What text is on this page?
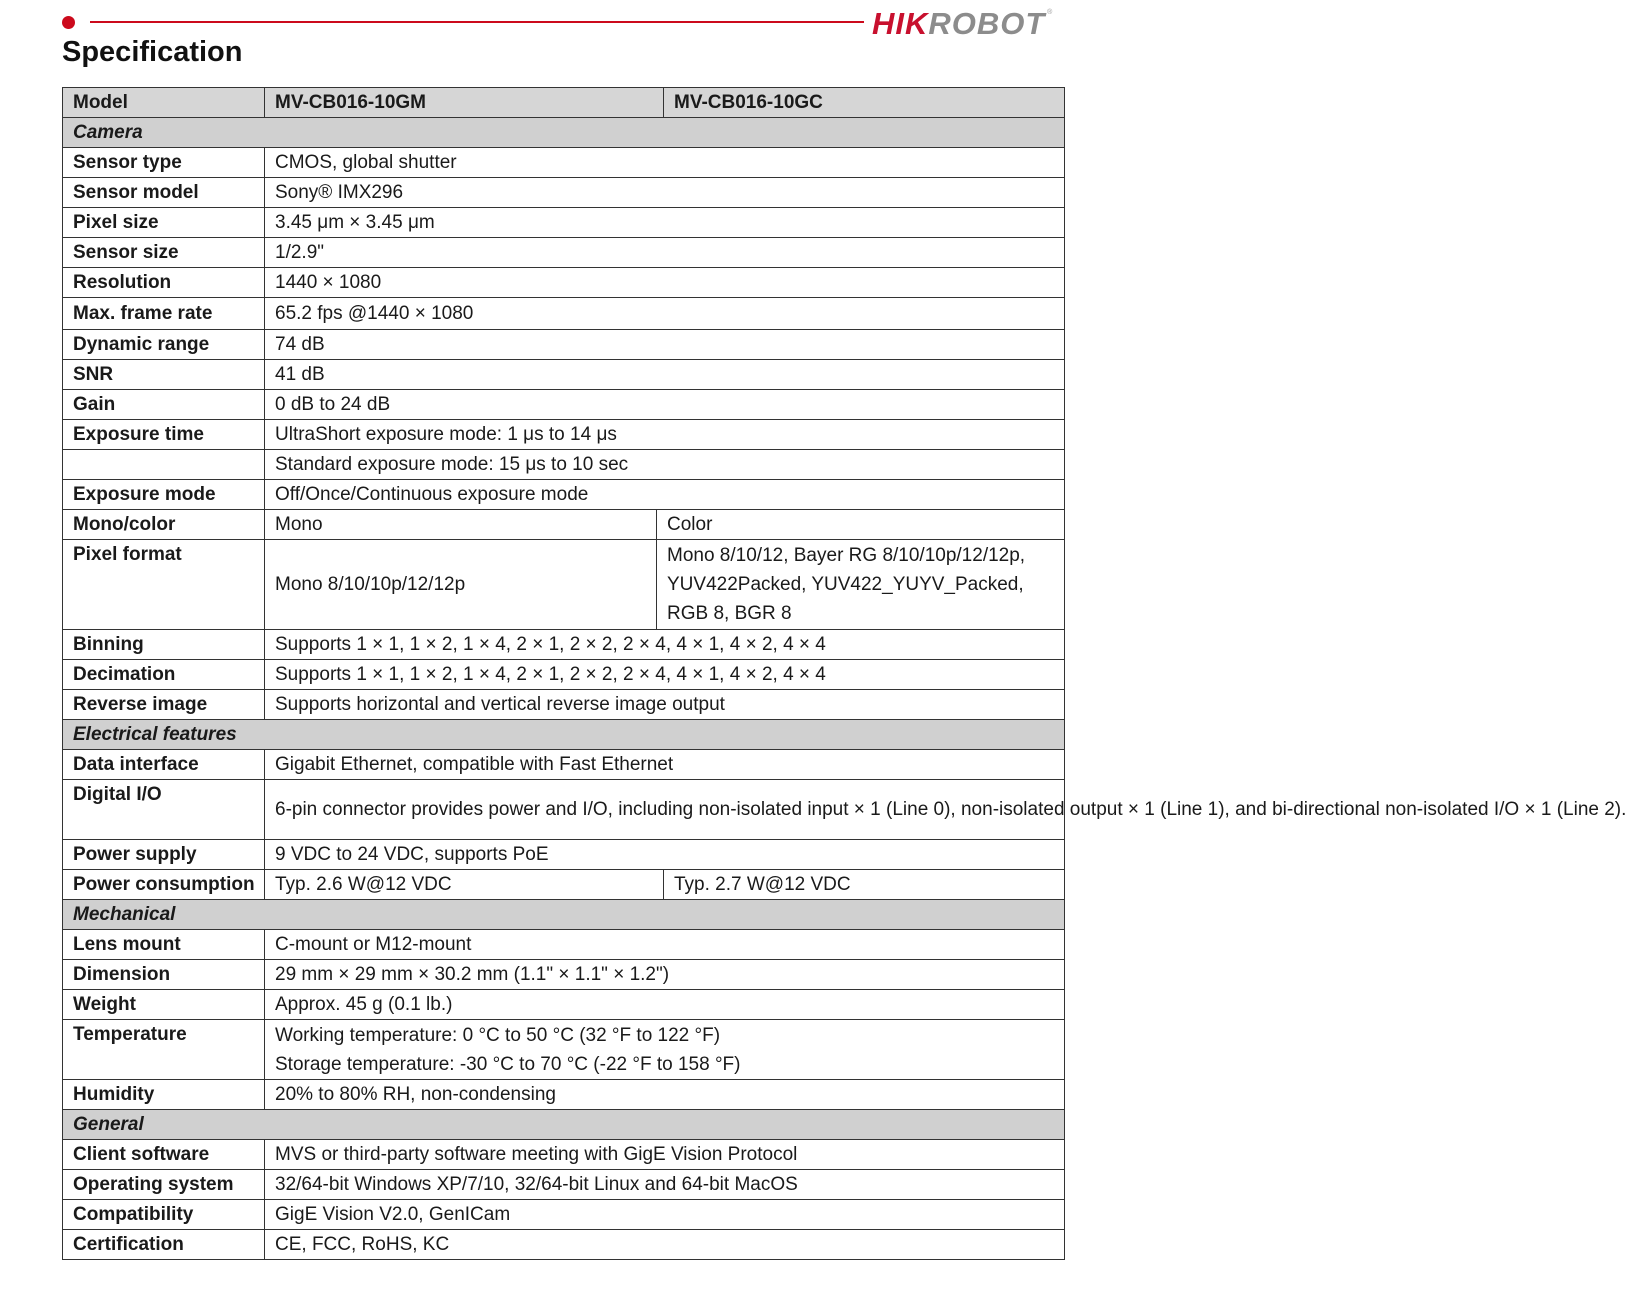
HIKROBOT ®
Specification
Model	MV-CB016-10GM		MV-CB016-10GC
Camera			
Sensor type	CMOS, global shutter		
Sensor model	Sony® IMX296		
Pixel size	3.45 μm × 3.45 μm		
Sensor size	1/2.9"		
Resolution	1440 × 1080		
Max. frame rate	65.2 fps @1440 × 1080		
Dynamic range	74 dB		
SNR	41 dB		
Gain	0 dB to 24 dB		
Exposure time	UltraShort exposure mode: 1 μs to 14 μs		
	Standard exposure mode: 15 μs to 10 sec		
Exposure mode	Off/Once/Continuous exposure mode		
Mono/color	Mono	Color	
Pixel format	Mono 8/10/10p/12/12p	Mono 8/10/12, Bayer RG 8/10/10p/12/12p,
YUV422Packed, YUV422_YUYV_Packed,
RGB 8, BGR 8	

Binning	Supports 1 × 1, 1 × 2, 1 × 4, 2 × 1, 2 × 2, 2 × 4, 4 × 1, 4 × 2, 4 × 4		
Decimation	Supports 1 × 1, 1 × 2, 1 × 4, 2 × 1, 2 × 2, 2 × 4, 4 × 1, 4 × 2, 4 × 4		
Reverse image	Supports horizontal and vertical reverse image output		
Electrical features			
Data interface	Gigabit Ethernet, compatible with Fast Ethernet		
Digital I/O	6-pin connector provides power and I/O, including non-isolated input × 1 (Line 0), non-isolated output × 1 (Line 1), and bi-directional non-isolated I/O × 1 (Line 2).		
Power supply	9 VDC to 24 VDC, supports PoE		
Power consumption	Typ. 2.6 W@12 VDC		Typ. 2.7 W@12 VDC
Mechanical			
Lens mount	C-mount or M12-mount		
Dimension	29 mm × 29 mm × 30.2 mm (1.1" × 1.1" × 1.2")		
Weight	Approx. 45 g (0.1 lb.)		
Temperature	Working temperature: 0 °C to 50 °C (32 °F to 122 °F)
Storage temperature: -30 °C to 70 °C (-22 °F to 158 °F)		

Humidity	20% to 80% RH, non-condensing		
General			
Client software	MVS or third-party software meeting with GigE Vision Protocol		
Operating system	32/64-bit Windows XP/7/10, 32/64-bit Linux and 64-bit MacOS		
Compatibility	GigE Vision V2.0, GenICam		
Certification	CE, FCC, RoHS, KC		
